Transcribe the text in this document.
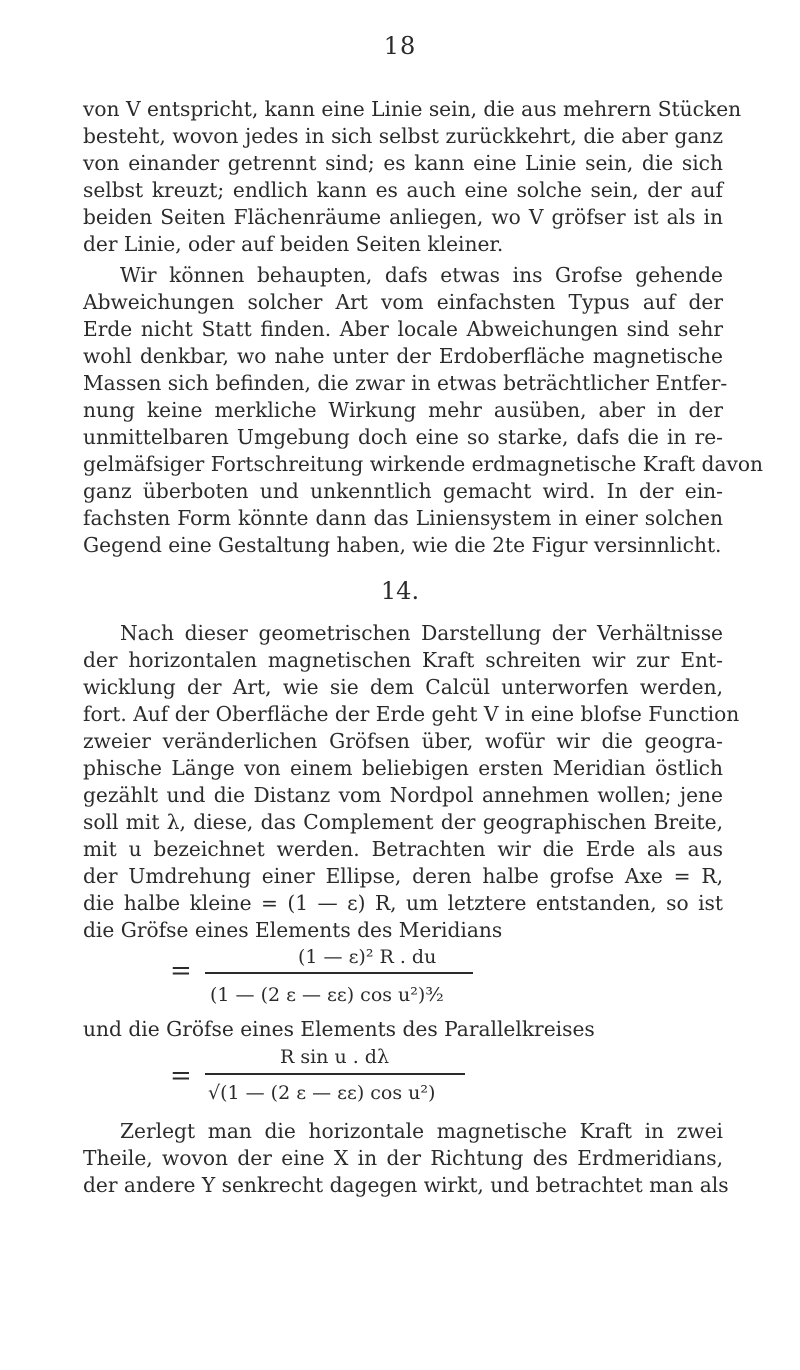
18
von V entspricht, kann eine Linie sein, die aus mehrern Stücken
besteht, wovon jedes in sich selbst zurückkehrt, die aber ganz
von einander getrennt sind; es kann eine Linie sein, die sich
selbst kreuzt; endlich kann es auch eine solche sein, der auf
beiden Seiten Flächenräume anliegen, wo V gröfser ist als in
der Linie, oder auf beiden Seiten kleiner.
Wir können behaupten, dafs etwas ins Grofse gehende
Abweichungen solcher Art vom einfachsten Typus auf der
Erde nicht Statt finden. Aber locale Abweichungen sind sehr
wohl denkbar, wo nahe unter der Erdoberfläche magnetische
Massen sich befinden, die zwar in etwas beträchtlicher Entfer-
nung keine merkliche Wirkung mehr ausüben, aber in der
unmittelbaren Umgebung doch eine so starke, dafs die in re-
gelmäfsiger Fortschreitung wirkende erdmagnetische Kraft davon
ganz überboten und unkenntlich gemacht wird. In der ein-
fachsten Form könnte dann das Liniensystem in einer solchen
Gegend eine Gestaltung haben, wie die 2te Figur versinnlicht.
14.
Nach dieser geometrischen Darstellung der Verhältnisse
der horizontalen magnetischen Kraft schreiten wir zur Ent-
wicklung der Art, wie sie dem Calcül unterworfen werden,
fort. Auf der Oberfläche der Erde geht V in eine blofse Function
zweier veränderlichen Gröfsen über, wofür wir die geogra-
phische Länge von einem beliebigen ersten Meridian östlich
gezählt und die Distanz vom Nordpol annehmen wollen; jene
soll mit λ, diese, das Complement der geographischen Breite,
mit u bezeichnet werden. Betrachten wir die Erde als aus
der Umdrehung einer Ellipse, deren halbe grofse Axe = R,
die halbe kleine = (1 — ε) R, um letztere entstanden, so ist
die Gröfse eines Elements des Meridians
=	(1 — ε)² R . du
(1 — (2 ε — εε) cos u²)³⁄₂
und die Gröfse eines Elements des Parallelkreises
=
R sin u . dλ
√(1 — (2 ε — εε) cos u²)
Zerlegt man die horizontale magnetische Kraft in zwei
Theile, wovon der eine X in der Richtung des Erdmeridians,
der andere Y senkrecht dagegen wirkt, und betrachtet man als
